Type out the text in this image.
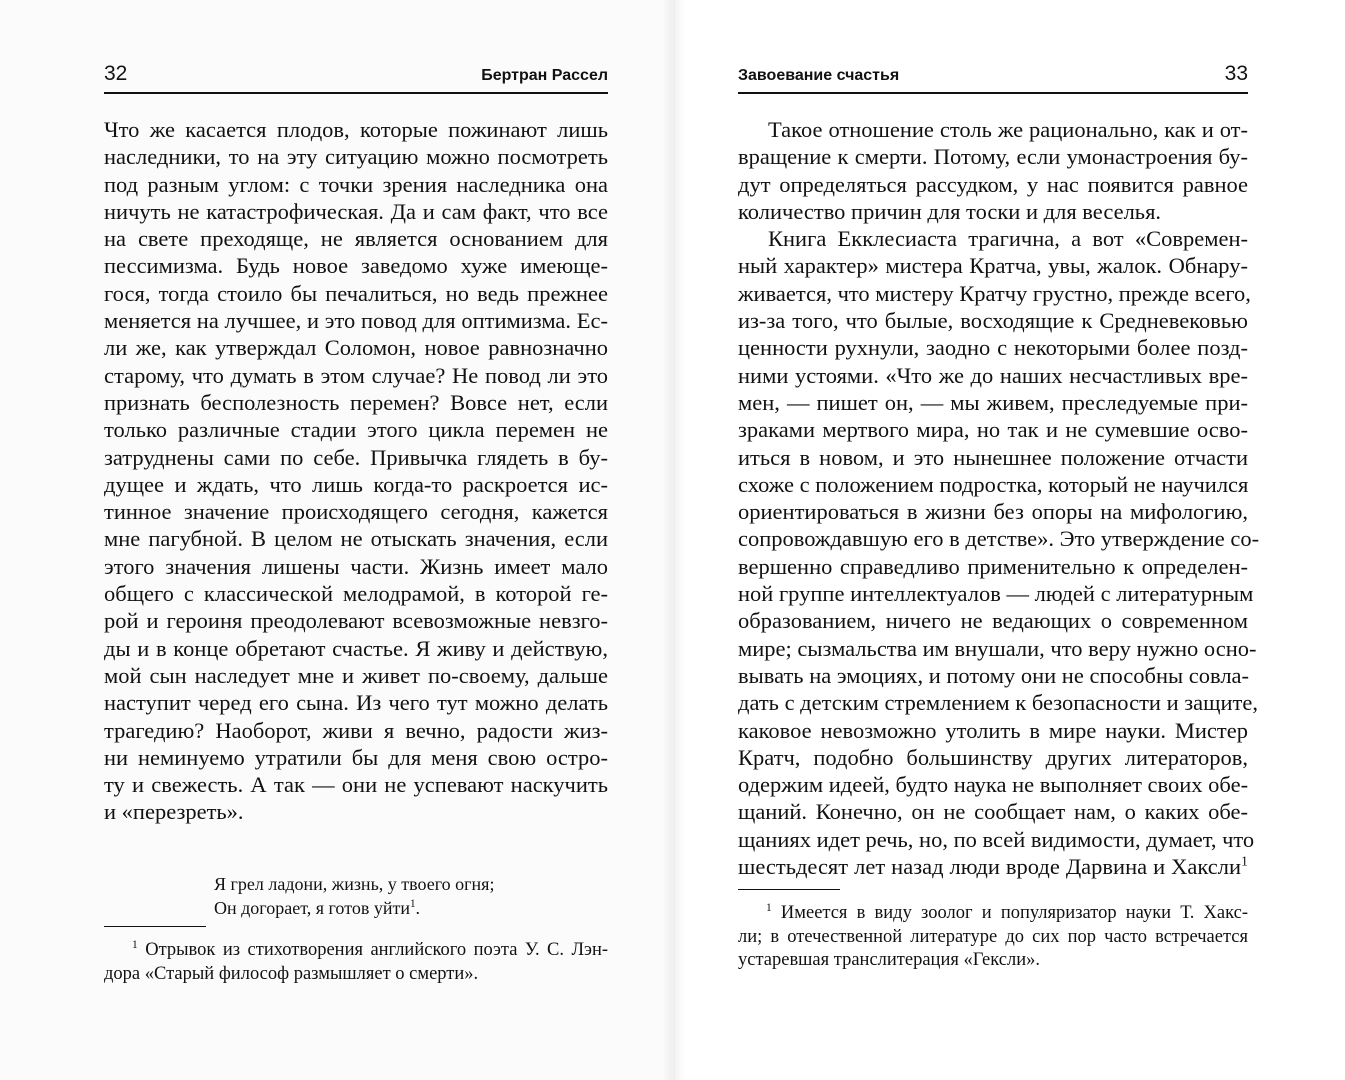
32	Бертран Рассел	Завоевание счастья	33
Что же касается плодов, которые пожинают лишь
наследники, то на эту ситуацию можно посмотреть
под разным углом: с точки зрения наследника она
ничуть не катастрофическая. Да и сам факт, что все
на свете преходяще, не является основанием для
пессимизма. Будь новое заведомо хуже имеюще-
гося, тогда стоило бы печалиться, но ведь прежнее
меняется на лучшее, и это повод для оптимизма. Ес-
ли же, как утверждал Соломон, новое равнозначно
старому, что думать в этом случае? Не повод ли это
признать бесполезность перемен? Вовсе нет, если
только различные стадии этого цикла перемен не
затруднены сами по себе. Привычка глядеть в бу-
дущее и ждать, что лишь когда-то раскроется ис-
тинное значение происходящего сегодня, кажется
мне пагубной. В целом не отыскать значения, если
этого значения лишены части. Жизнь имеет мало
общего с классической мелодрамой, в которой ге-
рой и героиня преодолевают всевозможные невзго-
ды и в конце обретают счастье. Я живу и действую,
мой сын наследует мне и живет по-своему, дальше
наступит черед его сына. Из чего тут можно делать
трагедию? Наоборот, живи я вечно, радости жиз-
ни неминуемо утратили бы для меня свою остро-
ту и свежесть. А так — они не успевают наскучить
и «перезреть».
Я грел ладони, жизнь, у твоего огня;
Он догорает, я готов уйти$^1$.
$^1$ Отрывок из стихотворения английского поэта У. С. Лэн-
дора «Старый философ размышляет о смерти».
Такое отношение столь же рационально, как и от-
вращение к смерти. Потому, если умонастроения бу-
дут определяться рассудком, у нас появится равное
количество причин для тоски и для веселья.
Книга Екклесиаста трагична, а вот «Современ-
ный характер» мистера Кратча, увы, жалок. Обнару-
живается, что мистеру Кратчу грустно, прежде всего,
из-за того, что былые, восходящие к Средневековью
ценности рухнули, заодно с некоторыми более позд-
ними устоями. «Что же до наших несчастливых вре-
мен, — пишет он, — мы живем, преследуемые при-
зраками мертвого мира, но так и не сумевшие осво-
иться в новом, и это нынешнее положение отчасти
схоже с положением подростка, который не научился
ориентироваться в жизни без опоры на мифологию,
сопровождавшую его в детстве». Это утверждение со-
вершенно справедливо применительно к определен-
ной группе интеллектуалов — людей с литературным
образованием, ничего не ведающих о современном
мире; сызмальства им внушали, что веру нужно осно-
вывать на эмоциях, и потому они не способны совла-
дать с детским стремлением к безопасности и защите,
каковое невозможно утолить в мире науки. Мистер
Кратч, подобно большинству других литераторов,
одержим идеей, будто наука не выполняет своих обе-
щаний. Конечно, он не сообщает нам, о каких обе-
щаниях идет речь, но, по всей видимости, думает, что
шестьдесят лет назад люди вроде Дарвина и Хаксли$^1$
$^1$ Имеется в виду зоолог и популяризатор науки Т. Хакс-
ли; в отечественной литературе до сих пор часто встречается
устаревшая транслитерация «Гексли».
